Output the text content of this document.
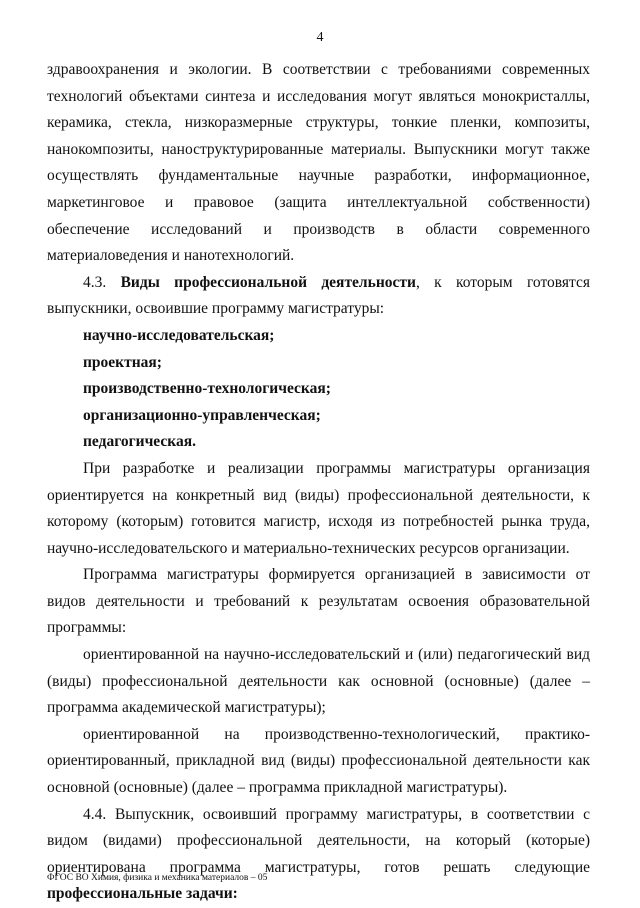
4

здравоохранения и экологии. В соответствии с требованиями современных технологий объектами синтеза и исследования могут являться монокристаллы, керамика, стекла, низкоразмерные структуры, тонкие пленки, композиты, нанокомпозиты, наноструктурированные материалы. Выпускники могут также осуществлять фундаментальные научные разработки, информационное, маркетинговое и правовое (защита интеллектуальной собственности) обеспечение исследований и производств в области современного материаловедения и нанотехнологий.

4.3. Виды профессиональной деятельности, к которым готовятся выпускники, освоившие программу магистратуры:

научно-исследовательская;
проектная;
производственно-технологическая;
организационно-управленческая;
педагогическая.

При разработке и реализации программы магистратуры организация ориентируется на конкретный вид (виды) профессиональной деятельности, к которому (которым) готовится магистр, исходя из потребностей рынка труда, научно-исследовательского и материально-технических ресурсов организации.

Программа магистратуры формируется организацией в зависимости от видов деятельности и требований к результатам освоения образовательной программы:

ориентированной на научно-исследовательский и (или) педагогический вид (виды) профессиональной деятельности как основной (основные) (далее – программа академической магистратуры);

ориентированной на производственно-технологический, практико-ориентированный, прикладной вид (виды) профессиональной деятельности как основной (основные) (далее – программа прикладной магистратуры).

4.4. Выпускник, освоивший программу магистратуры, в соответствии с видом (видами) профессиональной деятельности, на который (которые) ориентирована программа магистратуры, готов решать следующие профессиональные задачи:

ФГОС ВО Химия, физика и механика материалов – 05
